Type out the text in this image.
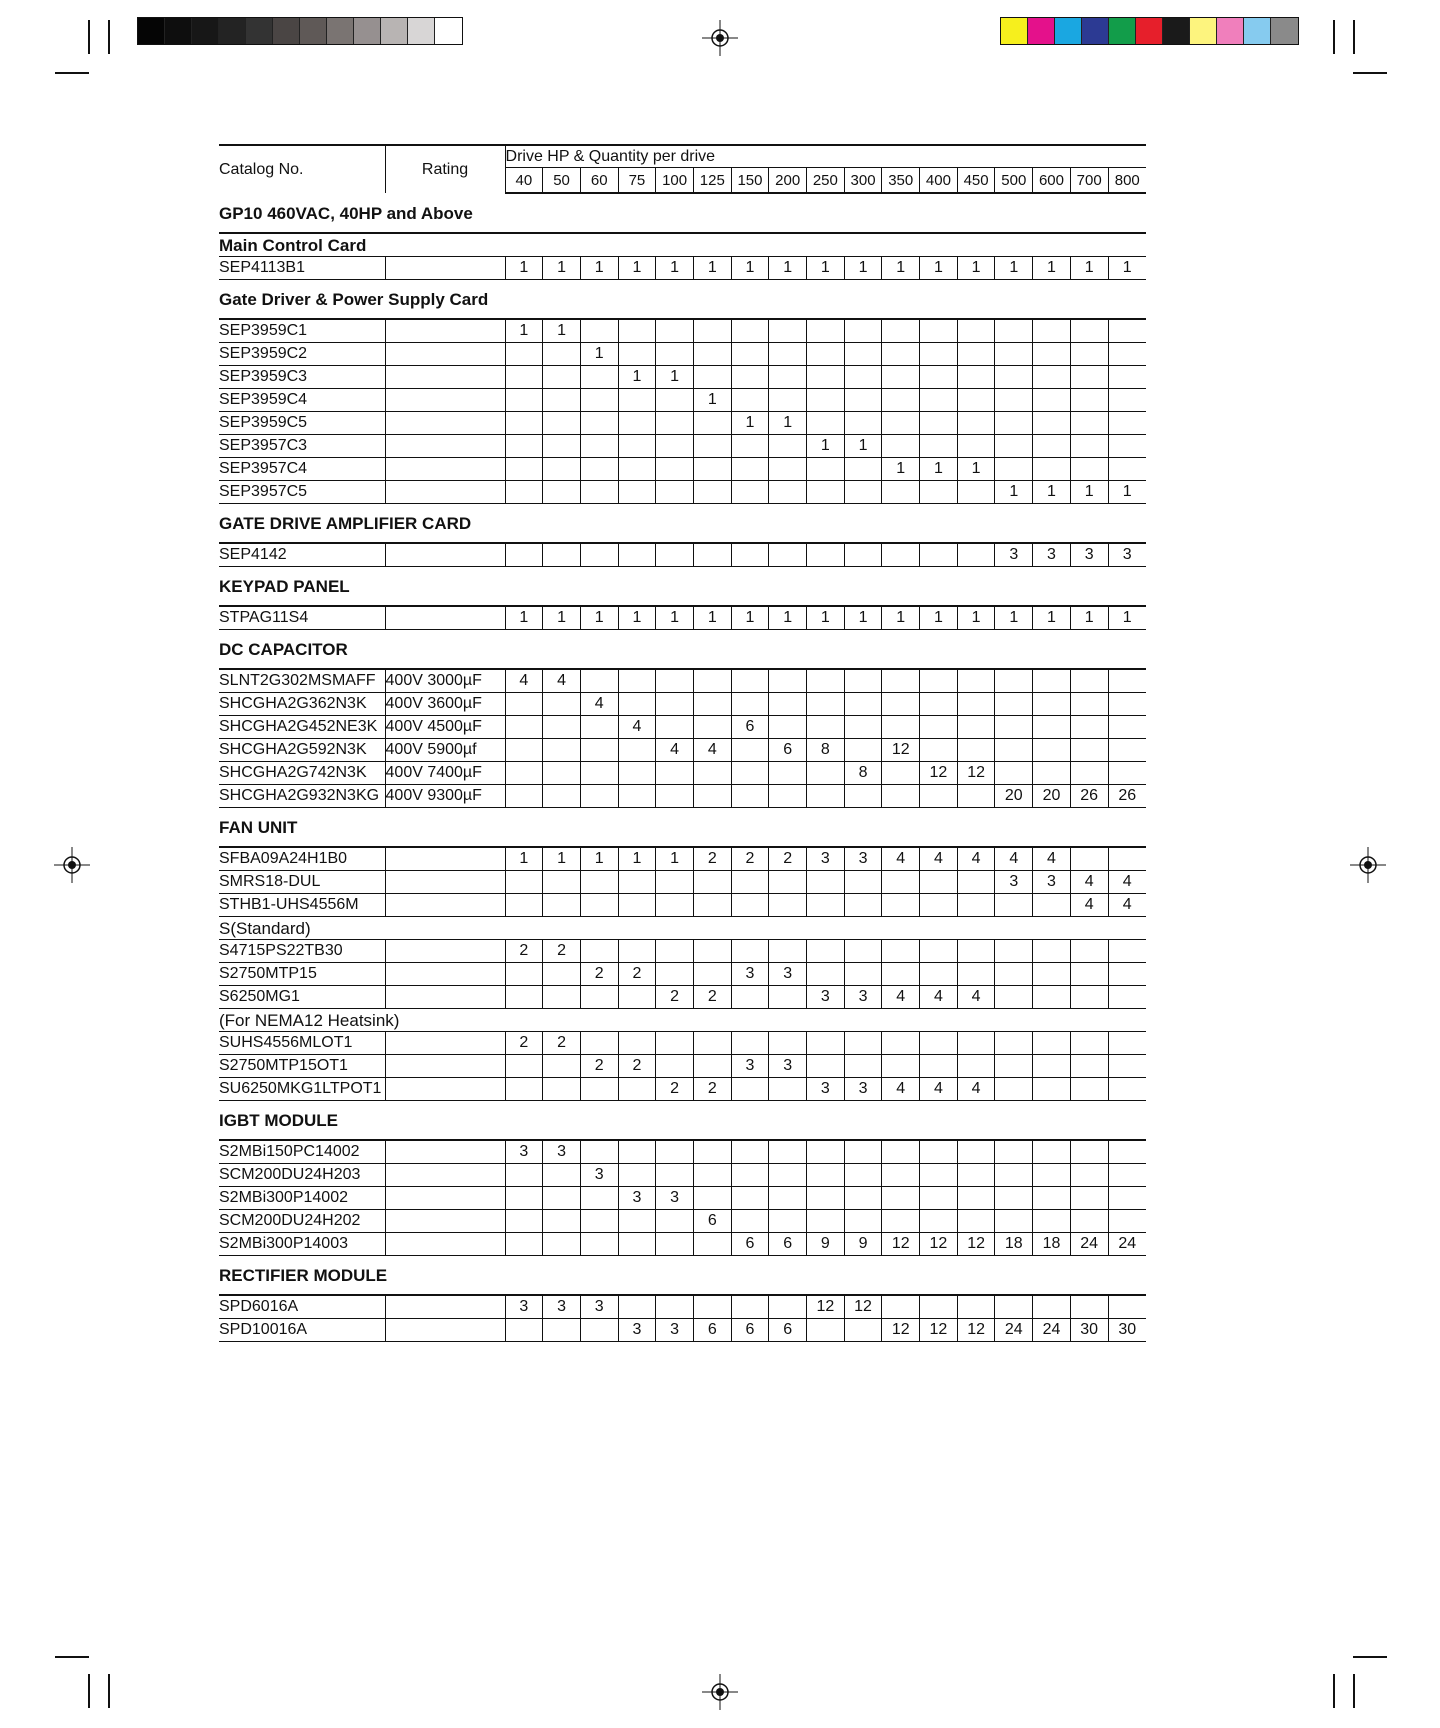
Catalog No.	Rating	Drive HP & Quantity per drive																
		40	50	60	75	100	125	150	200	250	300	350	400	450	500	600	700	800
GP10 460VAC, 40HP and Above																		
Main Control Card																		
SEP4113B1		1	1	1	1	1	1	1	1	1	1	1	1	1	1	1	1	1
Gate Driver & Power Supply Card																		
SEP3959C1		1	1															
SEP3959C2				1														
SEP3959C3					1	1												
SEP3959C4							1											
SEP3959C5								1	1									
SEP3957C3										1	1							
SEP3957C4												1	1	1				
SEP3957C5															1	1	1	1
GATE DRIVE AMPLIFIER CARD																		
SEP4142															3	3	3	3
KEYPAD PANEL																		
STPAG11S4		1	1	1	1	1	1	1	1	1	1	1	1	1	1	1	1	1
DC CAPACITOR																		
SLNT2G302MSMAFF	400V 3000µF	4	4															
SHCGHA2G362N3K	400V 3600µF			4														
SHCGHA2G452NE3K	400V 4500µF				4			6										
SHCGHA2G592N3K	400V 5900µf					4	4		6	8		12						
SHCGHA2G742N3K	400V 7400µF										8		12	12				
SHCGHA2G932N3KG	400V 9300µF														20	20	26	26
FAN UNIT																		
SFBA09A24H1B0		1	1	1	1	1	2	2	2	3	3	4	4	4	4	4		
SMRS18-DUL															3	3	4	4
STHB1-UHS4556M																	4	4
S(Standard)																		
S4715PS22TB30		2	2															
S2750MTP15				2	2			3	3									
S6250MG1						2	2			3	3	4	4	4				
(For NEMA12 Heatsink)																		
SUHS4556MLOT1		2	2															
S2750MTP15OT1				2	2			3	3									
SU6250MKG1LTPOT1						2	2			3	3	4	4	4				
IGBT MODULE																		
S2MBi150PC14002		3	3															
SCM200DU24H203				3														
S2MBi300P14002					3	3												
SCM200DU24H202							6											
S2MBi300P14003								6	6	9	9	12	12	12	18	18	24	24
RECTIFIER MODULE																		
SPD6016A		3	3	3						12	12							
SPD10016A					3	3	6	6	6			12	12	12	24	24	30	30
